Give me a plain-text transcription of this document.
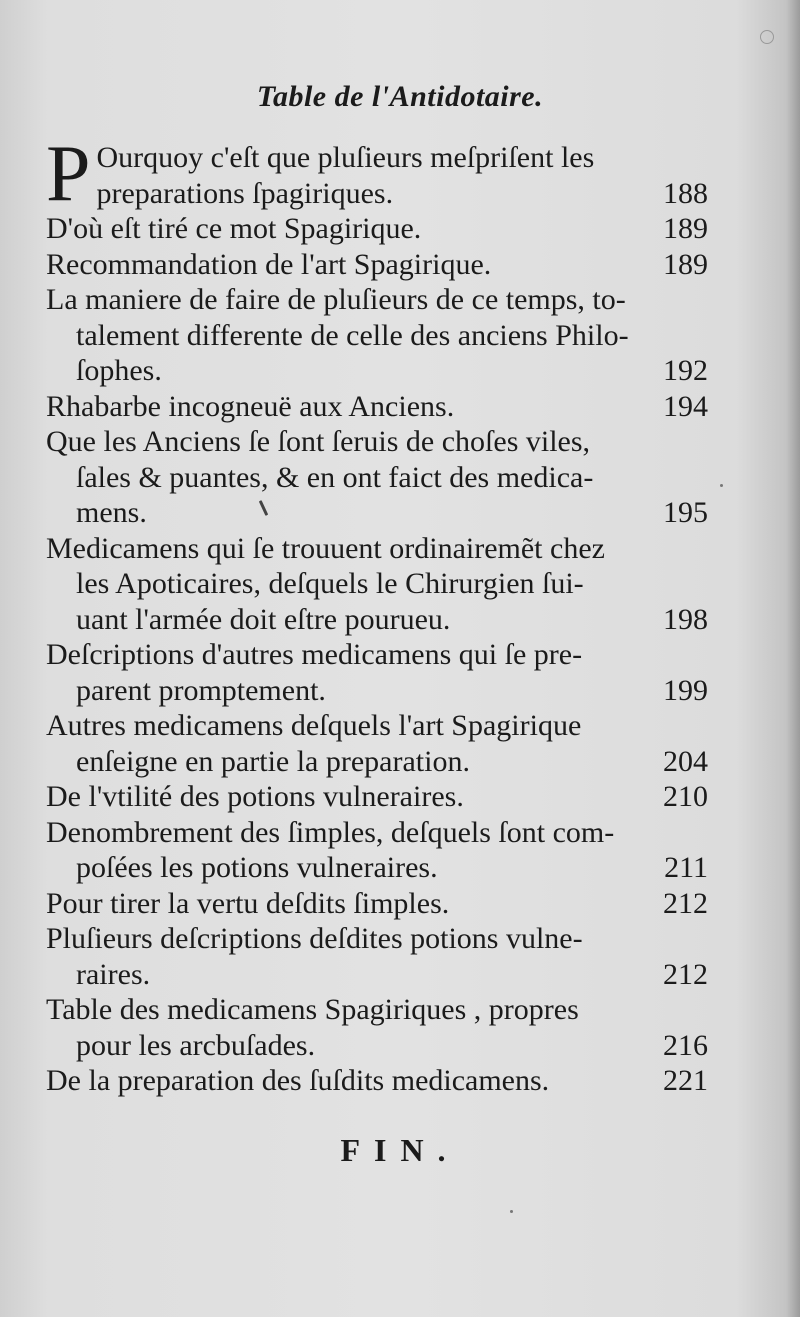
Table de l'Antidotaire.
P Ourquoy c'eſt que pluſieurs meſpriſent les
preparations ſpagiriques.	188
D'où eſt tiré ce mot Spagirique.	189
Recommandation de l'art Spagirique.	189
La maniere de faire de pluſieurs de ce temps, to-
talement differente de celle des anciens Philo-
ſophes.	192
Rhabarbe incogneuë aux Anciens.	194
Que les Anciens ſe ſont ſeruis de choſes viles,
ſales & puantes, & en ont faict des medica-
mens.	195
Medicamens qui ſe trouuent ordinairemẽt chez
les Apoticaires, deſquels le Chirurgien ſui-
uant l'armée doit eſtre pourueu.	198
Deſcriptions d'autres medicamens qui ſe pre-
parent promptement.	199
Autres medicamens deſquels l'art Spagirique
enſeigne en partie la preparation.	204
De l'vtilité des potions vulneraires.	210
Denombrement des ſimples, deſquels ſont com-
poſées les potions vulneraires.	211
Pour tirer la vertu deſdits ſimples.	212
Pluſieurs deſcriptions deſdites potions vulne-
raires.	212
Table des medicamens Spagiriques , propres
pour les arcbuſades.	216
De la preparation des ſuſdits medicamens.	221
FIN.
